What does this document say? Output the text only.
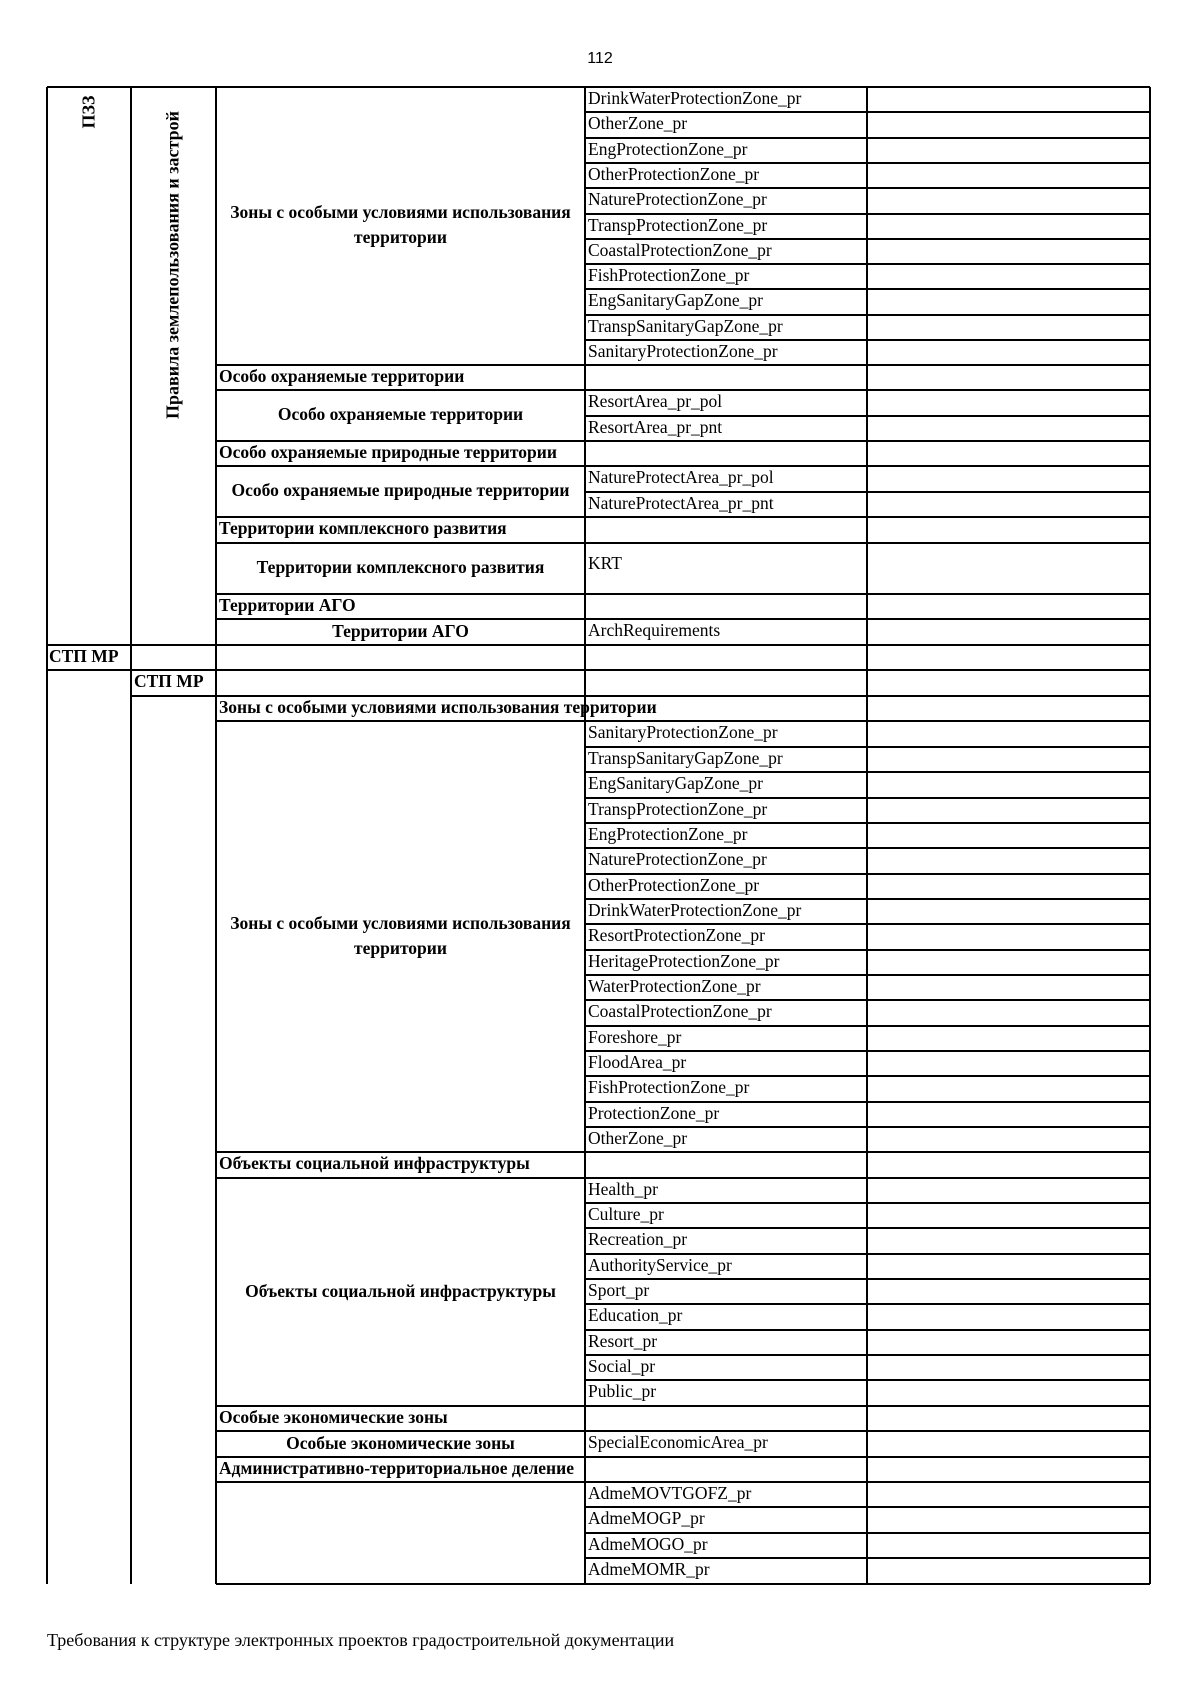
112
ПЗЗ	Правила землепользования и застрой
СТП МР
СТП МР
Особо охраняемые территории
Особо охраняемые природные территории
Территории комплексного развития
Территории АГО
Зоны с особыми условиями использования территории
Объекты социальной инфраструктуры
Особые экономические зоны
Административно-территориальное деление
Зоны с особыми условиями использования территории
Особо охраняемые территории
Особо охраняемые природные территории
Территории комплексного развития
Территории АГО
Зоны с особыми условиями использования территории
Объекты социальной инфраструктуры
Особые экономические зоны
DrinkWaterProtectionZone_pr
OtherZone_pr
EngProtectionZone_pr
OtherProtectionZone_pr
NatureProtectionZone_pr
TranspProtectionZone_pr
CoastalProtectionZone_pr
FishProtectionZone_pr
EngSanitaryGapZone_pr
TranspSanitaryGapZone_pr
SanitaryProtectionZone_pr
ResortArea_pr_pol
ResortArea_pr_pnt
NatureProtectArea_pr_pol
NatureProtectArea_pr_pnt
KRT
ArchRequirements
SanitaryProtectionZone_pr
TranspSanitaryGapZone_pr
EngSanitaryGapZone_pr
TranspProtectionZone_pr
EngProtectionZone_pr
NatureProtectionZone_pr
OtherProtectionZone_pr
DrinkWaterProtectionZone_pr
ResortProtectionZone_pr
HeritageProtectionZone_pr
WaterProtectionZone_pr
CoastalProtectionZone_pr
Foreshore_pr
FloodArea_pr
FishProtectionZone_pr
ProtectionZone_pr
OtherZone_pr
Health_pr
Culture_pr
Recreation_pr
AuthorityService_pr
Sport_pr
Education_pr
Resort_pr
Social_pr
Public_pr
SpecialEconomicArea_pr
AdmeMOVTGOFZ_pr
AdmeMOGP_pr
AdmeMOGO_pr
AdmeMOMR_pr
Требования к структуре электронных проектов градостроительной документации
